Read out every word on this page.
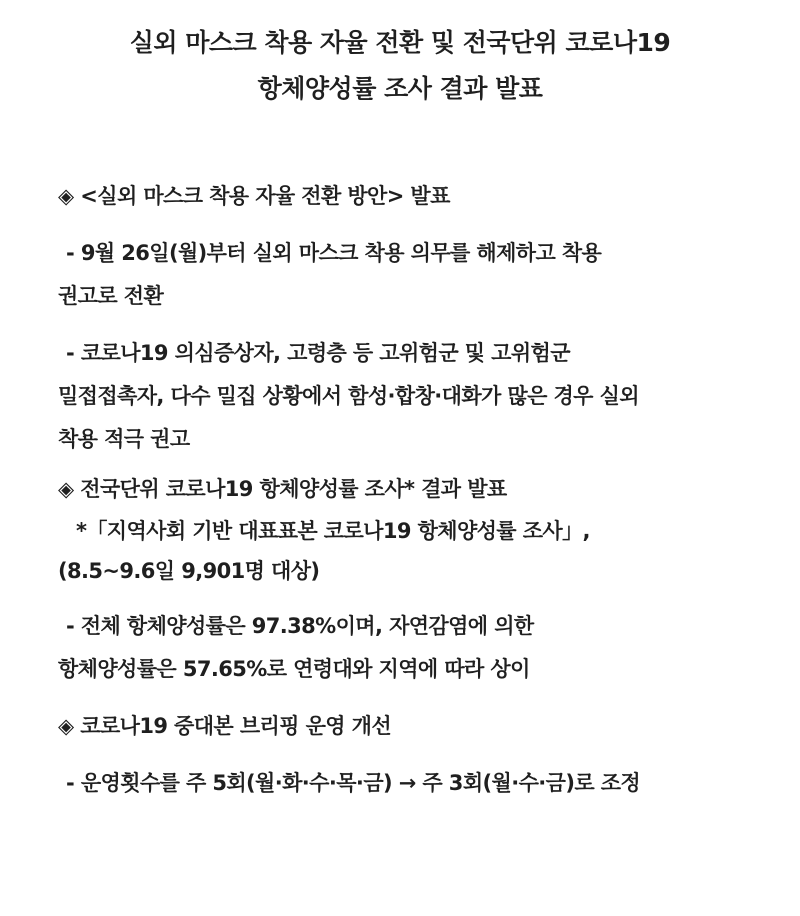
실외 마스크 착용 자율 전환 및 전국단위 코로나19
항체양성률 조사 결과 발표
◈ <실외 마스크 착용 자율 전환 방안> 발표
- 9월 26일(월)부터 실외 마스크 착용 의무를 해제하고 착용
권고로 전환
- 코로나19 의심증상자, 고령층 등 고위험군 및 고위험군
밀접접촉자, 다수 밀집 상황에서 함성·합창·대화가 많은 경우 실외
착용 적극 권고
◈ 전국단위 코로나19 항체양성률 조사* 결과 발표
*「지역사회 기반 대표표본 코로나19 항체양성률 조사」,
(8.5~9.6일 9,901명 대상)
- 전체 항체양성률은 97.38%이며, 자연감염에 의한
항체양성률은 57.65%로 연령대와 지역에 따라 상이
◈ 코로나19 중대본 브리핑 운영 개선
- 운영횟수를 주 5회(월·화·수·목·금) → 주 3회(월·수·금)로 조정
